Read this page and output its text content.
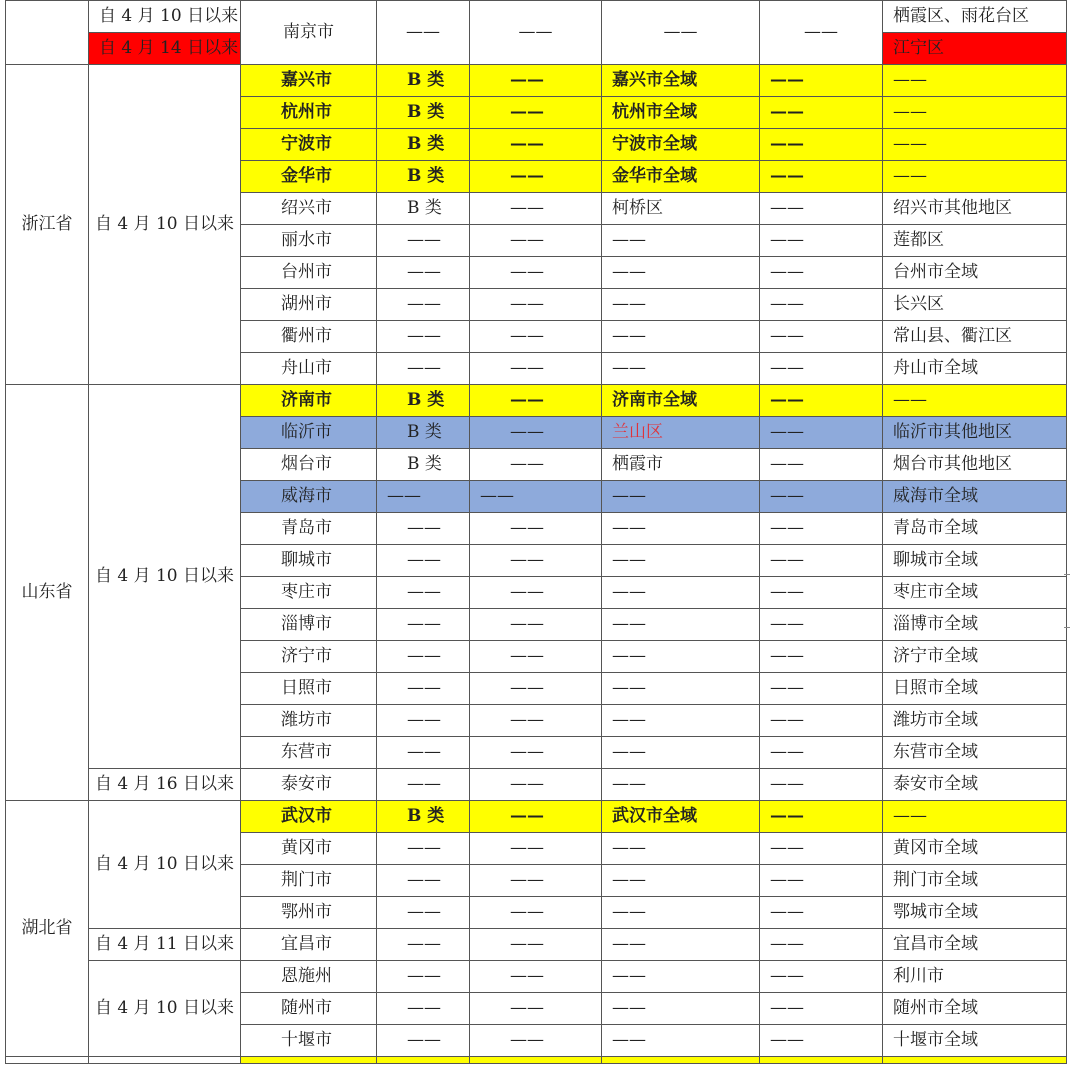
	自 4 月 10 日以来	南京市	——	——	——	——	栖霞区、雨花台区
	自 4 月 14 日以来						江宁区
浙江省	自 4 月 10 日以来	嘉兴市	B 类	——	嘉兴市全域	——	——
		杭州市	B 类	——	杭州市全域	——	——
		宁波市	B 类	——	宁波市全域	——	——
		金华市	B 类	——	金华市全域	——	——
		绍兴市	B 类	——	柯桥区	——	绍兴市其他地区
		丽水市	——	——	——	——	莲都区
		台州市	——	——	——	——	台州市全域
		湖州市	——	——	——	——	长兴区
		衢州市	——	——	——	——	常山县、衢江区
		舟山市	——	——	——	——	舟山市全域
山东省	自 4 月 10 日以来	济南市	B 类	——	济南市全域	——	——
		临沂市	B 类	——	兰山区	——	临沂市其他地区
		烟台市	B 类	——	栖霞市	——	烟台市其他地区
		威海市	——	——	——	——	威海市全域
		青岛市	——	——	——	——	青岛市全域
		聊城市	——	——	——	——	聊城市全域
		枣庄市	——	——	——	——	枣庄市全域
		淄博市	——	——	——	——	淄博市全域
		济宁市	——	——	——	——	济宁市全域
		日照市	——	——	——	——	日照市全域
		潍坊市	——	——	——	——	潍坊市全域
		东营市	——	——	——	——	东营市全域
	自 4 月 16 日以来	泰安市	——	——	——	——	泰安市全域
湖北省	自 4 月 10 日以来	武汉市	B 类	——	武汉市全域	——	——
		黄冈市	——	——	——	——	黄冈市全域
		荆门市	——	——	——	——	荆门市全域
		鄂州市	——	——	——	——	鄂城市全域
	自 4 月 11 日以来	宜昌市	——	——	——	——	宜昌市全域
	自 4 月 10 日以来	恩施州	——	——	——	——	利川市
		随州市	——	——	——	——	随州市全域
		十堰市	——	——	——	——	十堰市全域
